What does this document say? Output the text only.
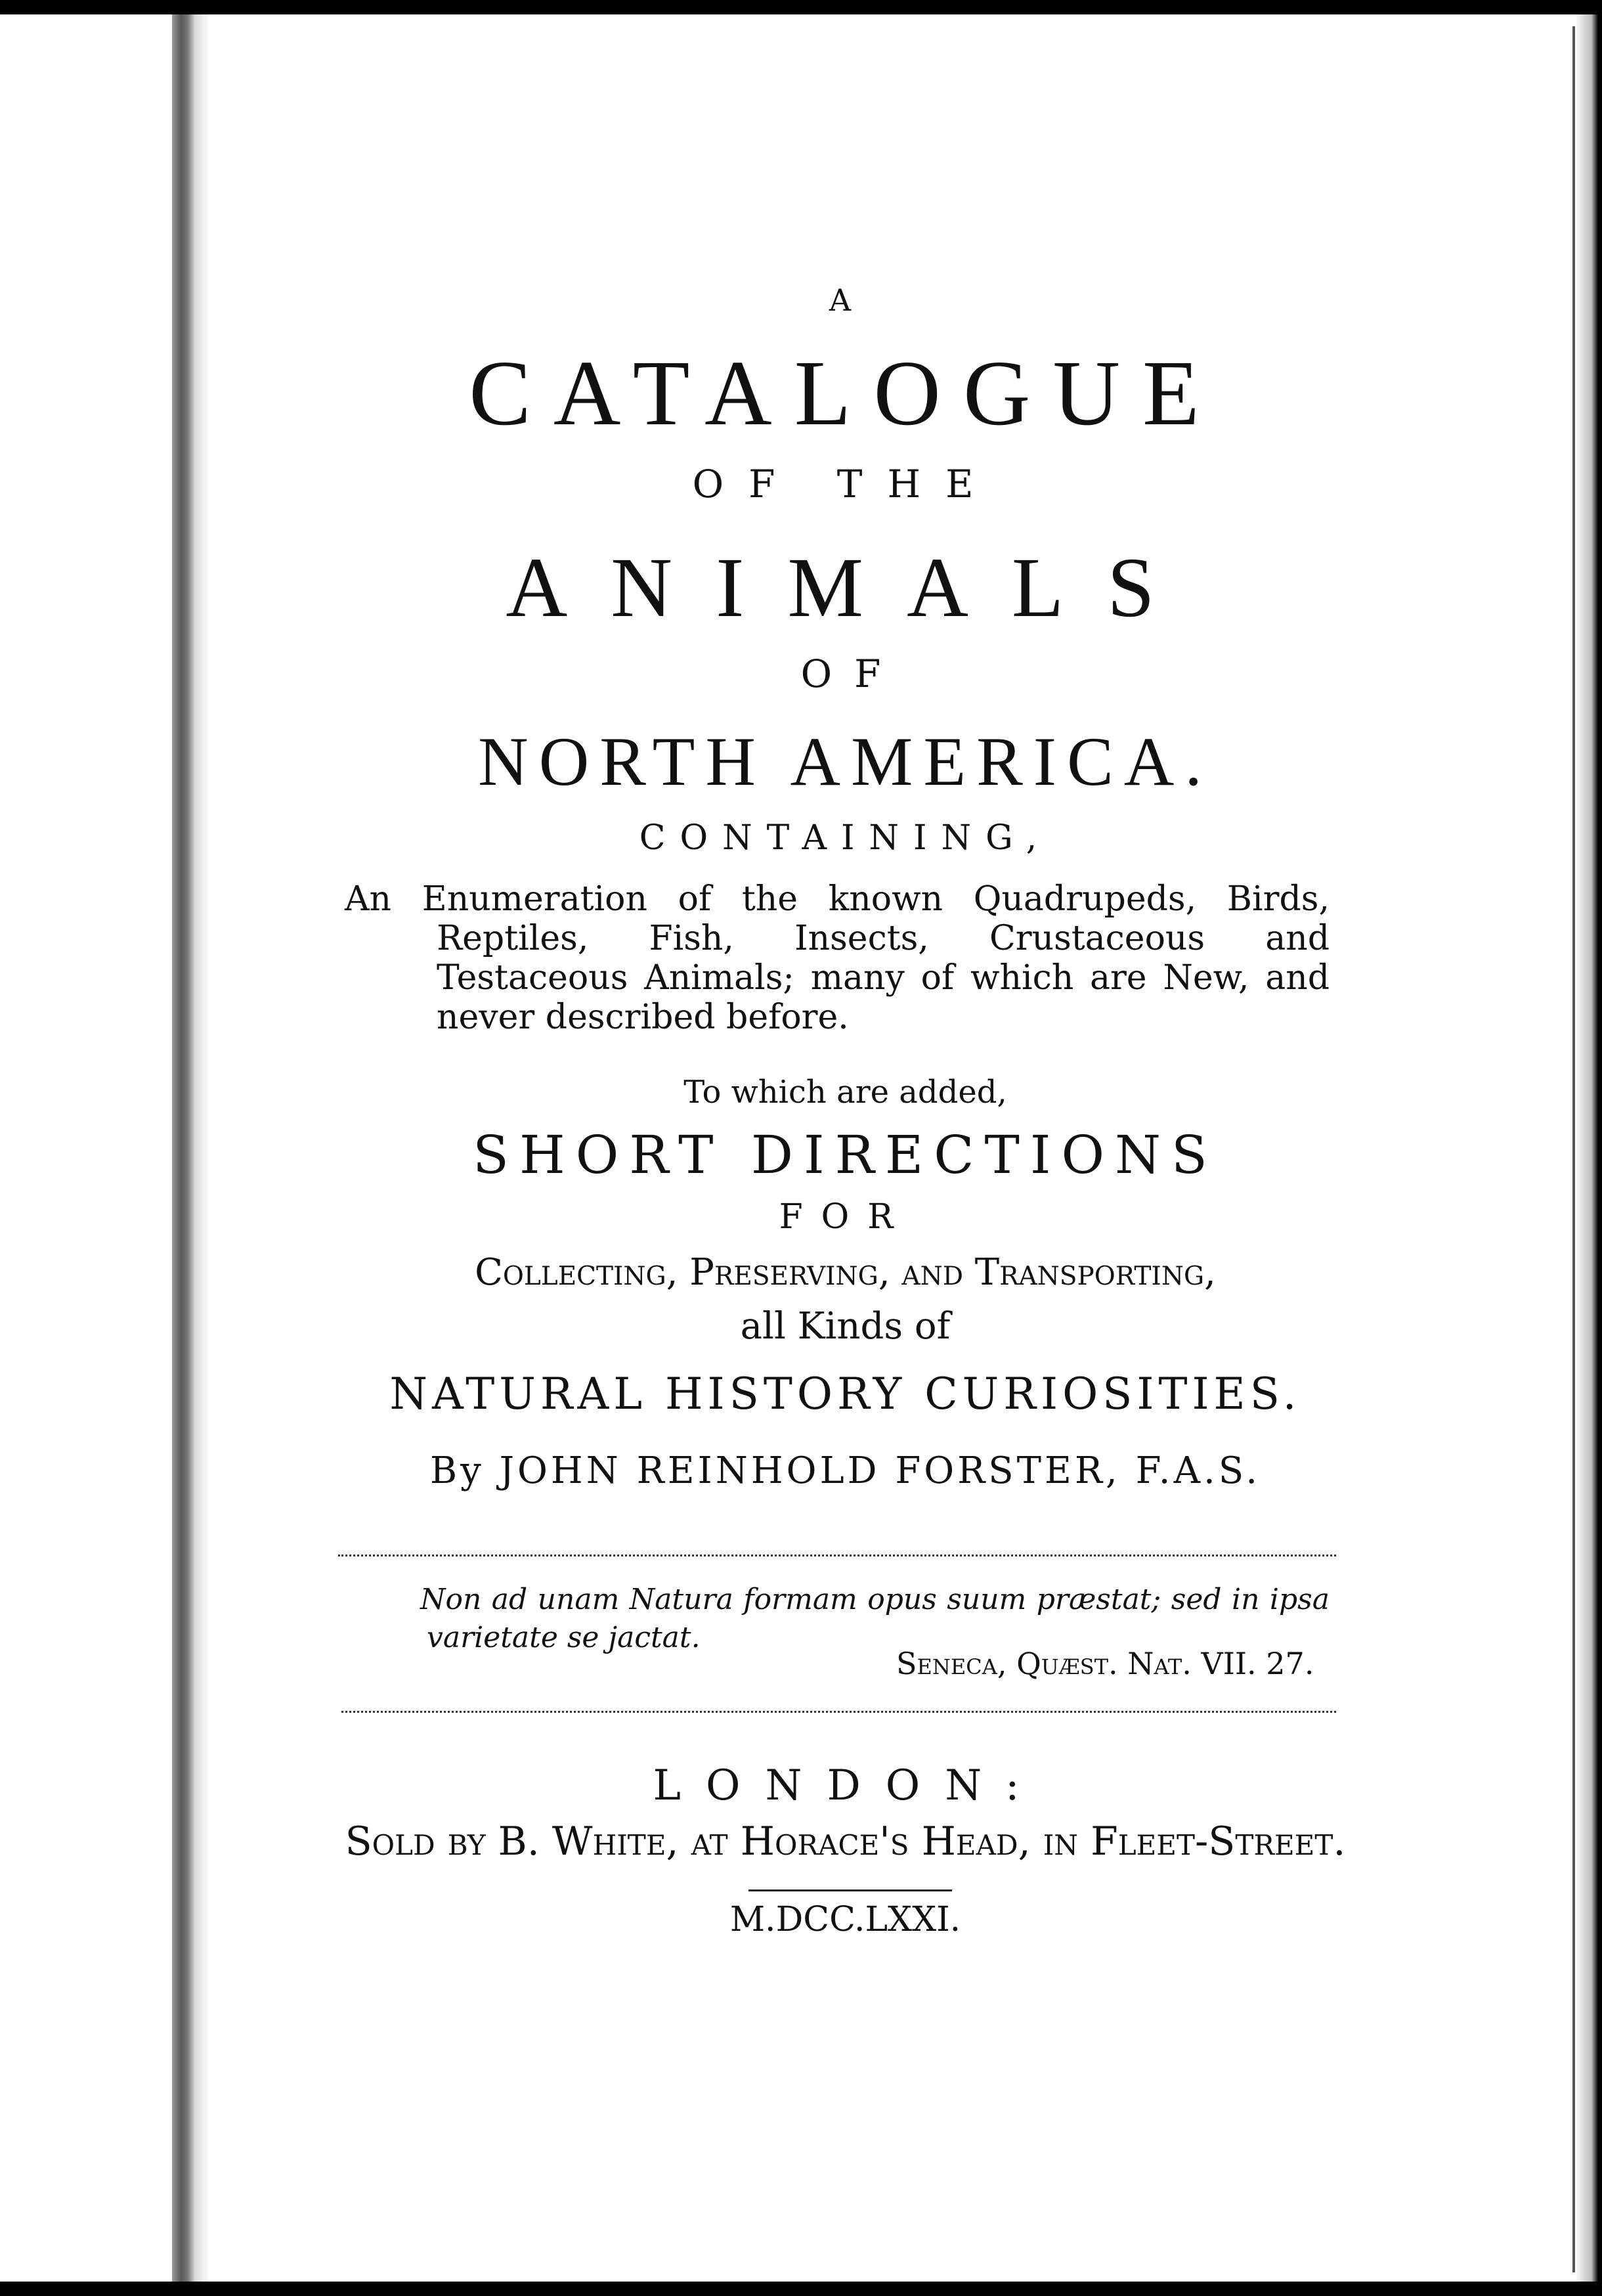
A
CATALOGUE
OF THE
ANIMALS
OF
NORTH AMERICA.
CONTAINING,
An Enumeration of the known Quadrupeds, Birds,
Reptiles, Fish, Insects, Crustaceous and
Testaceous Animals; many of which are New, and
never described before.
To which are added,
SHORT DIRECTIONS
FOR
Collecting, Preserving, and Transporting,
all Kinds of
NATURAL HISTORY CURIOSITIES.
By JOHN REINHOLD FORSTER, F.A.S.
Non ad unam Natura formam opus suum præstat; sed in ipsa
varietate se jactat.
Seneca, Quæst. Nat. VII. 27.
LONDON:
Sold by B. White, at Horace's Head, in Fleet-Street.
M.DCC.LXXI.
